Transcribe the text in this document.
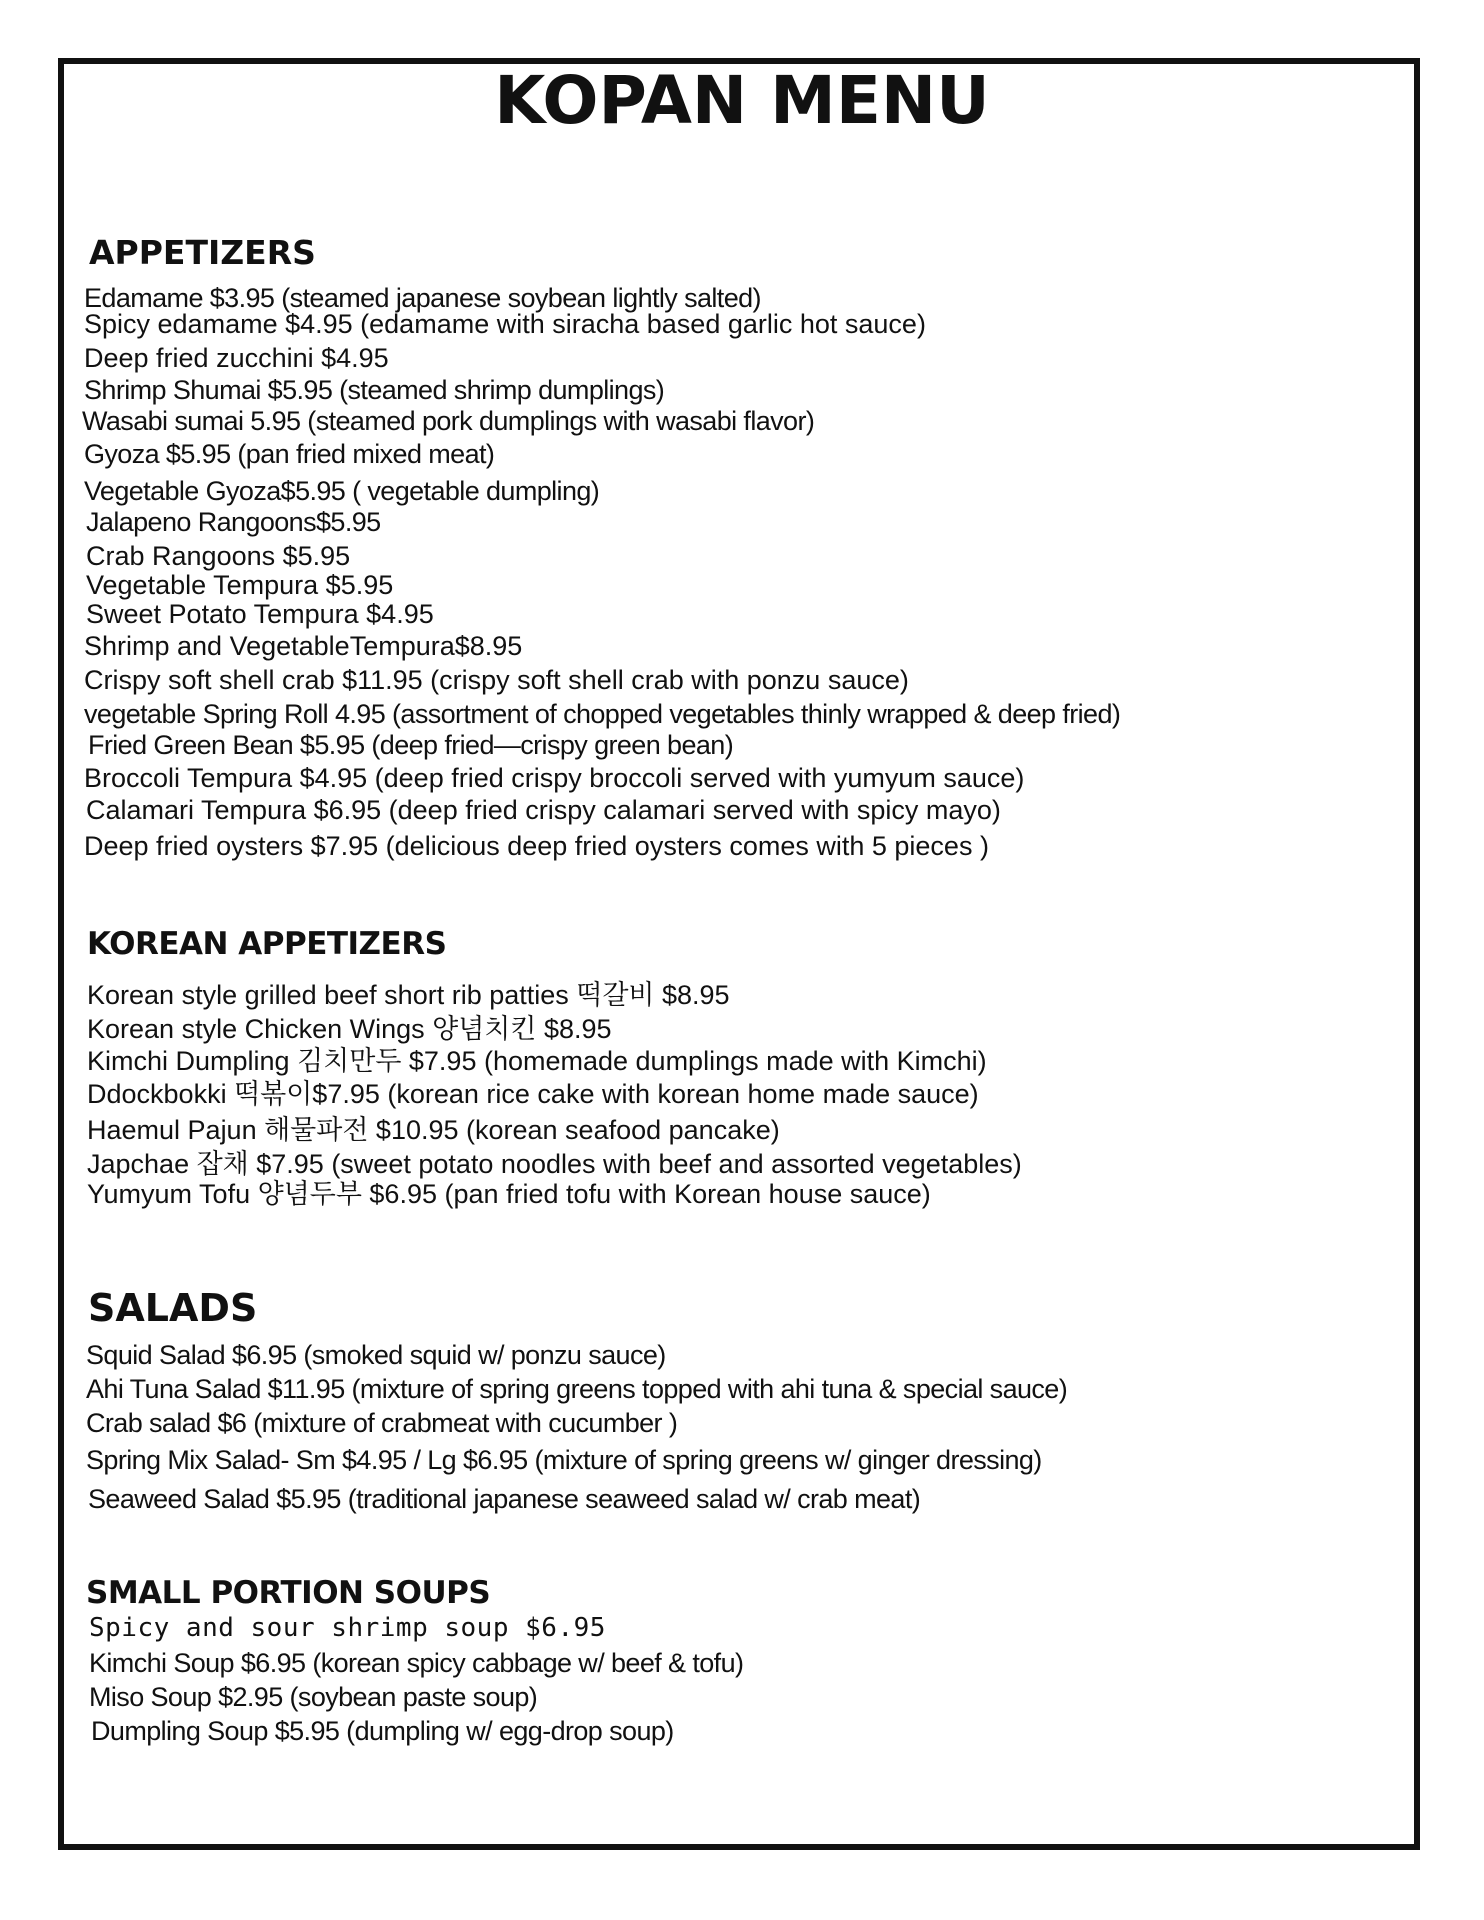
KOPAN MENU
APPETIZERS

Edamame $3.95 (steamed japanese soybean lightly salted)

Spicy edamame $4.95 (edamame with siracha based garlic hot sauce)

Deep fried zucchini $4.95

Shrimp Shumai $5.95 (steamed shrimp dumplings)

Wasabi sumai 5.95 (steamed pork dumplings with wasabi flavor)

Gyoza $5.95 (pan fried mixed meat)

Vegetable Gyoza$5.95 ( vegetable dumpling)

Jalapeno Rangoons$5.95

Crab Rangoons $5.95

Vegetable Tempura $5.95

Sweet Potato Tempura $4.95

Shrimp and VegetableTempura$8.95

Crispy soft shell crab $11.95 (crispy soft shell crab with ponzu sauce)

vegetable Spring Roll 4.95 (assortment of chopped vegetables thinly wrapped & deep fried)

Fried Green Bean $5.95 (deep fried—crispy green bean)

Broccoli Tempura $4.95 (deep fried crispy broccoli served with yumyum sauce)

Calamari Tempura $6.95 (deep fried crispy calamari served with spicy mayo)

Deep fried oysters $7.95 (delicious deep fried oysters comes with 5 pieces )

KOREAN APPETIZERS

Korean style grilled beef short rib patties 떡갈비 $8.95

Korean style Chicken Wings 양념치킨 $8.95

Kimchi Dumpling 김치만두 $7.95 (homemade dumplings made with Kimchi)

Ddockbokki 떡볶이$7.95 (korean rice cake with korean home made sauce)

Haemul Pajun 해물파전 $10.95 (korean seafood pancake)

Japchae 잡채 $7.95 (sweet potato noodles with beef and assorted vegetables)

Yumyum Tofu 양념두부 $6.95 (pan fried tofu with Korean house sauce)

SALADS

Squid Salad $6.95 (smoked squid w/ ponzu sauce)

Ahi Tuna Salad $11.95 (mixture of spring greens topped with ahi tuna & special sauce)

Crab salad $6 (mixture of crabmeat with cucumber )

Spring Mix Salad- Sm $4.95 / Lg $6.95 (mixture of spring greens w/ ginger dressing)

Seaweed Salad $5.95 (traditional japanese seaweed salad w/ crab meat)

SMALL PORTION SOUPS

Spicy and sour shrimp soup $6.95

Kimchi Soup $6.95 (korean spicy cabbage w/ beef & tofu)

Miso Soup $2.95 (soybean paste soup)

Dumpling Soup $5.95 (dumpling w/ egg-drop soup)
